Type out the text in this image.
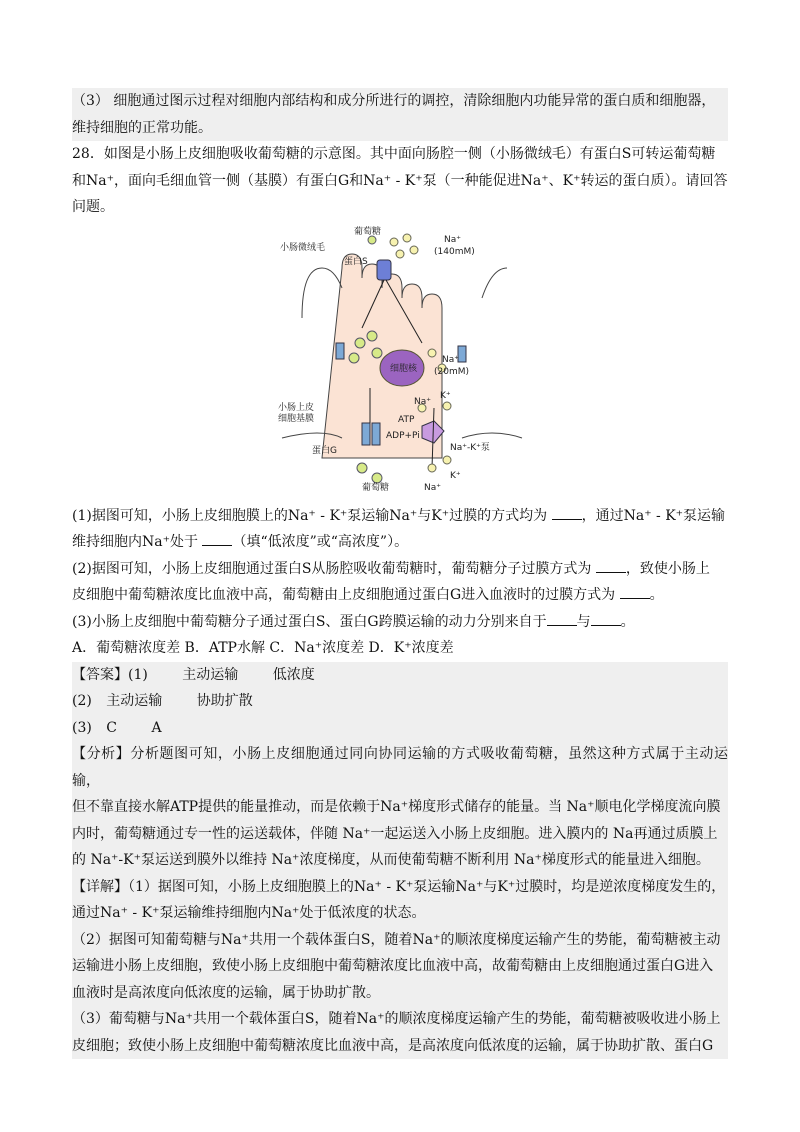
（3） 细胞通过图示过程对细胞内部结构和成分所进行的调控，清除细胞内功能异常的蛋白质和细胞器，

维持细胞的正常功能。

28．如图是小肠上皮细胞吸收葡萄糖的示意图。其中面向肠腔一侧（小肠微绒毛）有蛋白S可转运葡萄糖

和Na⁺，面向毛细血管一侧（基膜）有蛋白G和Na⁺ - K⁺泵（一种能促进Na⁺、K⁺转运的蛋白质）。请回答

问题。

(1)据图可知，小肠上皮细胞膜上的Na⁺ - K⁺泵运输Na⁺与K⁺过膜的方式均为 ，通过Na⁺ - K⁺泵运输

维持细胞内Na⁺处于 （填“低浓度”或“高浓度”）。

(2)据图可知，小肠上皮细胞通过蛋白S从肠腔吸收葡萄糖时，葡萄糖分子过膜方式为 ，致使小肠上

皮细胞中葡萄糖浓度比血液中高，葡萄糖由上皮细胞通过蛋白G进入血液时的过膜方式为 。

(3)小肠上皮细胞中葡萄糖分子通过蛋白S、蛋白G跨膜运输的动力分别来自于 与 。

A．葡萄糖浓度差 B．ATP水解 C．Na⁺浓度差 D．K⁺浓度差

【答案】(1) 主动运输 低浓度

(2) 主动运输 协助扩散

(3) C A

【分析】分析题图可知，小肠上皮细胞通过同向协同运输的方式吸收葡萄糖，虽然这种方式属于主动运输，

但不靠直接水解ATP提供的能量推动，而是依赖于Na⁺梯度形式储存的能量。当 Na⁺顺电化学梯度流向膜

内时，葡萄糖通过专一性的运送载体，伴随 Na⁺一起运送入小肠上皮细胞。进入膜内的 Na再通过质膜上

的 Na⁺-K⁺泵运送到膜外以维持 Na⁺浓度梯度，从而使葡萄糖不断利用 Na⁺梯度形式的能量进入细胞。

【详解】（1）据图可知，小肠上皮细胞膜上的Na⁺ - K⁺泵运输Na⁺与K⁺过膜时，均是逆浓度梯度发生的，

通过Na⁺ - K⁺泵运输维持细胞内Na⁺处于低浓度的状态。

（2）据图可知葡萄糖与Na⁺共用一个载体蛋白S，随着Na⁺的顺浓度梯度运输产生的势能，葡萄糖被主动

运输进小肠上皮细胞，致使小肠上皮细胞中葡萄糖浓度比血液中高，故葡萄糖由上皮细胞通过蛋白G进入

血液时是高浓度向低浓度的运输，属于协助扩散。

（3）葡萄糖与Na⁺共用一个载体蛋白S，随着Na⁺的顺浓度梯度运输产生的势能，葡萄糖被吸收进小肠上

皮细胞；致使小肠上皮细胞中葡萄糖浓度比血液中高，是高浓度向低浓度的运输，属于协助扩散、蛋白G

细胞核
小肠微绒毛
葡萄糖
蛋白S
Na⁺
(140mM)
Na⁺
(20mM)
小肠上皮
细胞基膜	ATP
ADP+Pi
Na⁺
K⁺
蛋白G	Na⁺-K⁺泵
葡萄糖	Na⁺
K⁺
